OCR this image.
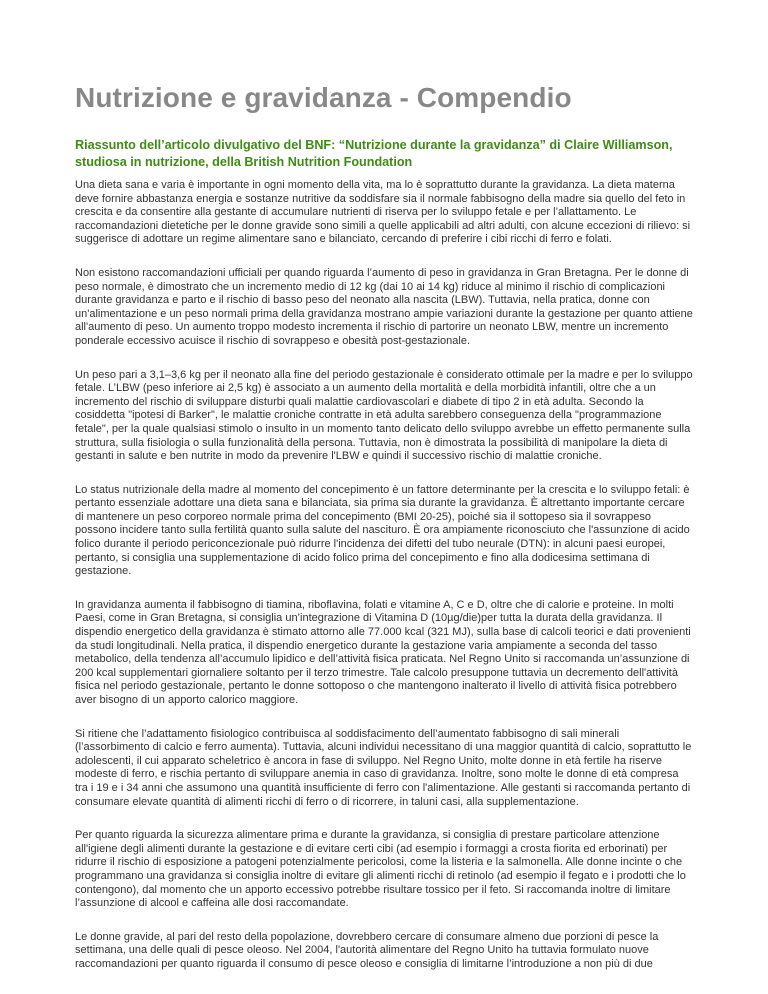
Nutrizione e gravidanza - Compendio
Riassunto dell’articolo divulgativo del BNF: “Nutrizione durante la gravidanza” di Claire Williamson, studiosa in nutrizione, della British Nutrition Foundation

Una dieta sana e varia è importante in ogni momento della vita, ma lo è soprattutto durante la gravidanza. La dieta materna deve fornire abbastanza energia e sostanze nutritive da soddisfare sia il normale fabbisogno della madre sia quello del feto in crescita e da consentire alla gestante di accumulare nutrienti di riserva per lo sviluppo fetale e per l’allattamento. Le raccomandazioni dietetiche per le donne gravide sono simili a quelle applicabili ad altri adulti, con alcune eccezioni di rilievo: si suggerisce di adottare un regime alimentare sano e bilanciato, cercando di preferire i cibi ricchi di ferro e folati.

Non esistono raccomandazioni ufficiali per quando riguarda l’aumento di peso in gravidanza in Gran Bretagna. Per le donne di peso normale, è dimostrato che un incremento medio di 12 kg (dai 10 ai 14 kg) riduce al minimo il rischio di complicazioni durante gravidanza e parto e il rischio di basso peso del neonato alla nascita (LBW). Tuttavia, nella pratica, donne con un'alimentazione e un peso normali prima della gravidanza mostrano ampie variazioni durante la gestazione per quanto attiene all'aumento di peso. Un aumento troppo modesto incrementa il rischio di partorire un neonato LBW, mentre un incremento ponderale eccessivo acuisce il rischio di sovrappeso e obesità post-gestazionale.

Un peso pari a 3,1–3,6 kg per il neonato alla fine del periodo gestazionale è considerato ottimale per la madre e per lo sviluppo fetale. L’LBW (peso inferiore ai 2,5 kg) è associato a un aumento della mortalità e della morbidità infantili, oltre che a un incremento del rischio di sviluppare disturbi quali malattie cardiovascolari e diabete di tipo 2 in età adulta. Secondo la cosiddetta "ipotesi di Barker", le malattie croniche contratte in età adulta sarebbero conseguenza della "programmazione fetale", per la quale qualsiasi stimolo o insulto in un momento tanto delicato dello sviluppo avrebbe un effetto permanente sulla struttura, sulla fisiologia o sulla funzionalità della persona. Tuttavia, non è dimostrata la possibilità di manipolare la dieta di gestanti in salute e ben nutrite in modo da prevenire l'LBW e quindi il successivo rischio di malattie croniche.

Lo status nutrizionale della madre al momento del concepimento è un fattore determinante per la crescita e lo sviluppo fetali: è pertanto essenziale adottare una dieta sana e bilanciata, sia prima sia durante la gravidanza. È altrettanto importante cercare di mantenere un peso corporeo normale prima del concepimento (BMI 20-25), poiché sia il sottopeso sia il sovrappeso possono incidere tanto sulla fertilità quanto sulla salute del nascituro. È ora ampiamente riconosciuto che l'assunzione di acido folico durante il periodo periconcezionale può ridurre l'incidenza dei difetti del tubo neurale (DTN): in alcuni paesi europei, pertanto, si consiglia una supplementazione di acido folico prima del concepimento e fino alla dodicesima settimana di gestazione.

In gravidanza aumenta il fabbisogno di tiamina, riboflavina, folati e vitamine A, C e D, oltre che di calorie e proteine. In molti Paesi, come in Gran Bretagna, si consiglia un’integrazione di Vitamina D (10µg/die)per tutta la durata della gravidanza. Il dispendio energetico della gravidanza è stimato attorno alle 77.000 kcal (321 MJ), sulla base di calcoli teorici e dati provenienti da studi longitudinali. Nella pratica, il dispendio energetico durante la gestazione varia ampiamente a seconda del tasso metabolico, della tendenza all’accumulo lipidico e dell’attività fisica praticata. Nel Regno Unito si raccomanda un’assunzione di 200 kcal supplementari giornaliere soltanto per il terzo trimestre. Tale calcolo presuppone tuttavia un decremento dell'attività fisica nel periodo gestazionale, pertanto le donne sottoposo o che mantengono inalterato il livello di attività fisica potrebbero aver bisogno di un apporto calorico maggiore.

Si ritiene che l’adattamento fisiologico contribuisca al soddisfacimento dell’aumentato fabbisogno di sali minerali (l’assorbimento di calcio e ferro aumenta). Tuttavia, alcuni individui necessitano di una maggior quantità di calcio, soprattutto le adolescenti, il cui apparato scheletrico è ancora in fase di sviluppo. Nel Regno Unito, molte donne in età fertile ha riserve modeste di ferro, e rischia pertanto di sviluppare anemia in caso di gravidanza. Inoltre, sono molte le donne di età compresa tra i 19 e i 34 anni che assumono una quantità insufficiente di ferro con l'alimentazione. Alle gestanti si raccomanda pertanto di consumare elevate quantità di alimenti ricchi di ferro o di ricorrere, in taluni casi, alla supplementazione.

Per quanto riguarda la sicurezza alimentare prima e durante la gravidanza, si consiglia di prestare particolare attenzione all'igiene degli alimenti durante la gestazione e di evitare certi cibi (ad esempio i formaggi a crosta fiorita ed erborinati) per ridurre il rischio di esposizione a patogeni potenzialmente pericolosi, come la listeria e la salmonella. Alle donne incinte o che programmano una gravidanza si consiglia inoltre di evitare gli alimenti ricchi di retinolo (ad esempio il fegato e i prodotti che lo contengono), dal momento che un apporto eccessivo potrebbe risultare tossico per il feto. Si raccomanda inoltre di limitare l’assunzione di alcool e caffeina alle dosi raccomandate.

Le donne gravide, al pari del resto della popolazione, dovrebbero cercare di consumare almeno due porzioni di pesce la settimana, una delle quali di pesce oleoso. Nel 2004, l'autorità alimentare del Regno Unito ha tuttavia formulato nuove raccomandazioni per quanto riguarda il consumo di pesce oleoso e consiglia di limitarne l’introduzione a non più di due
